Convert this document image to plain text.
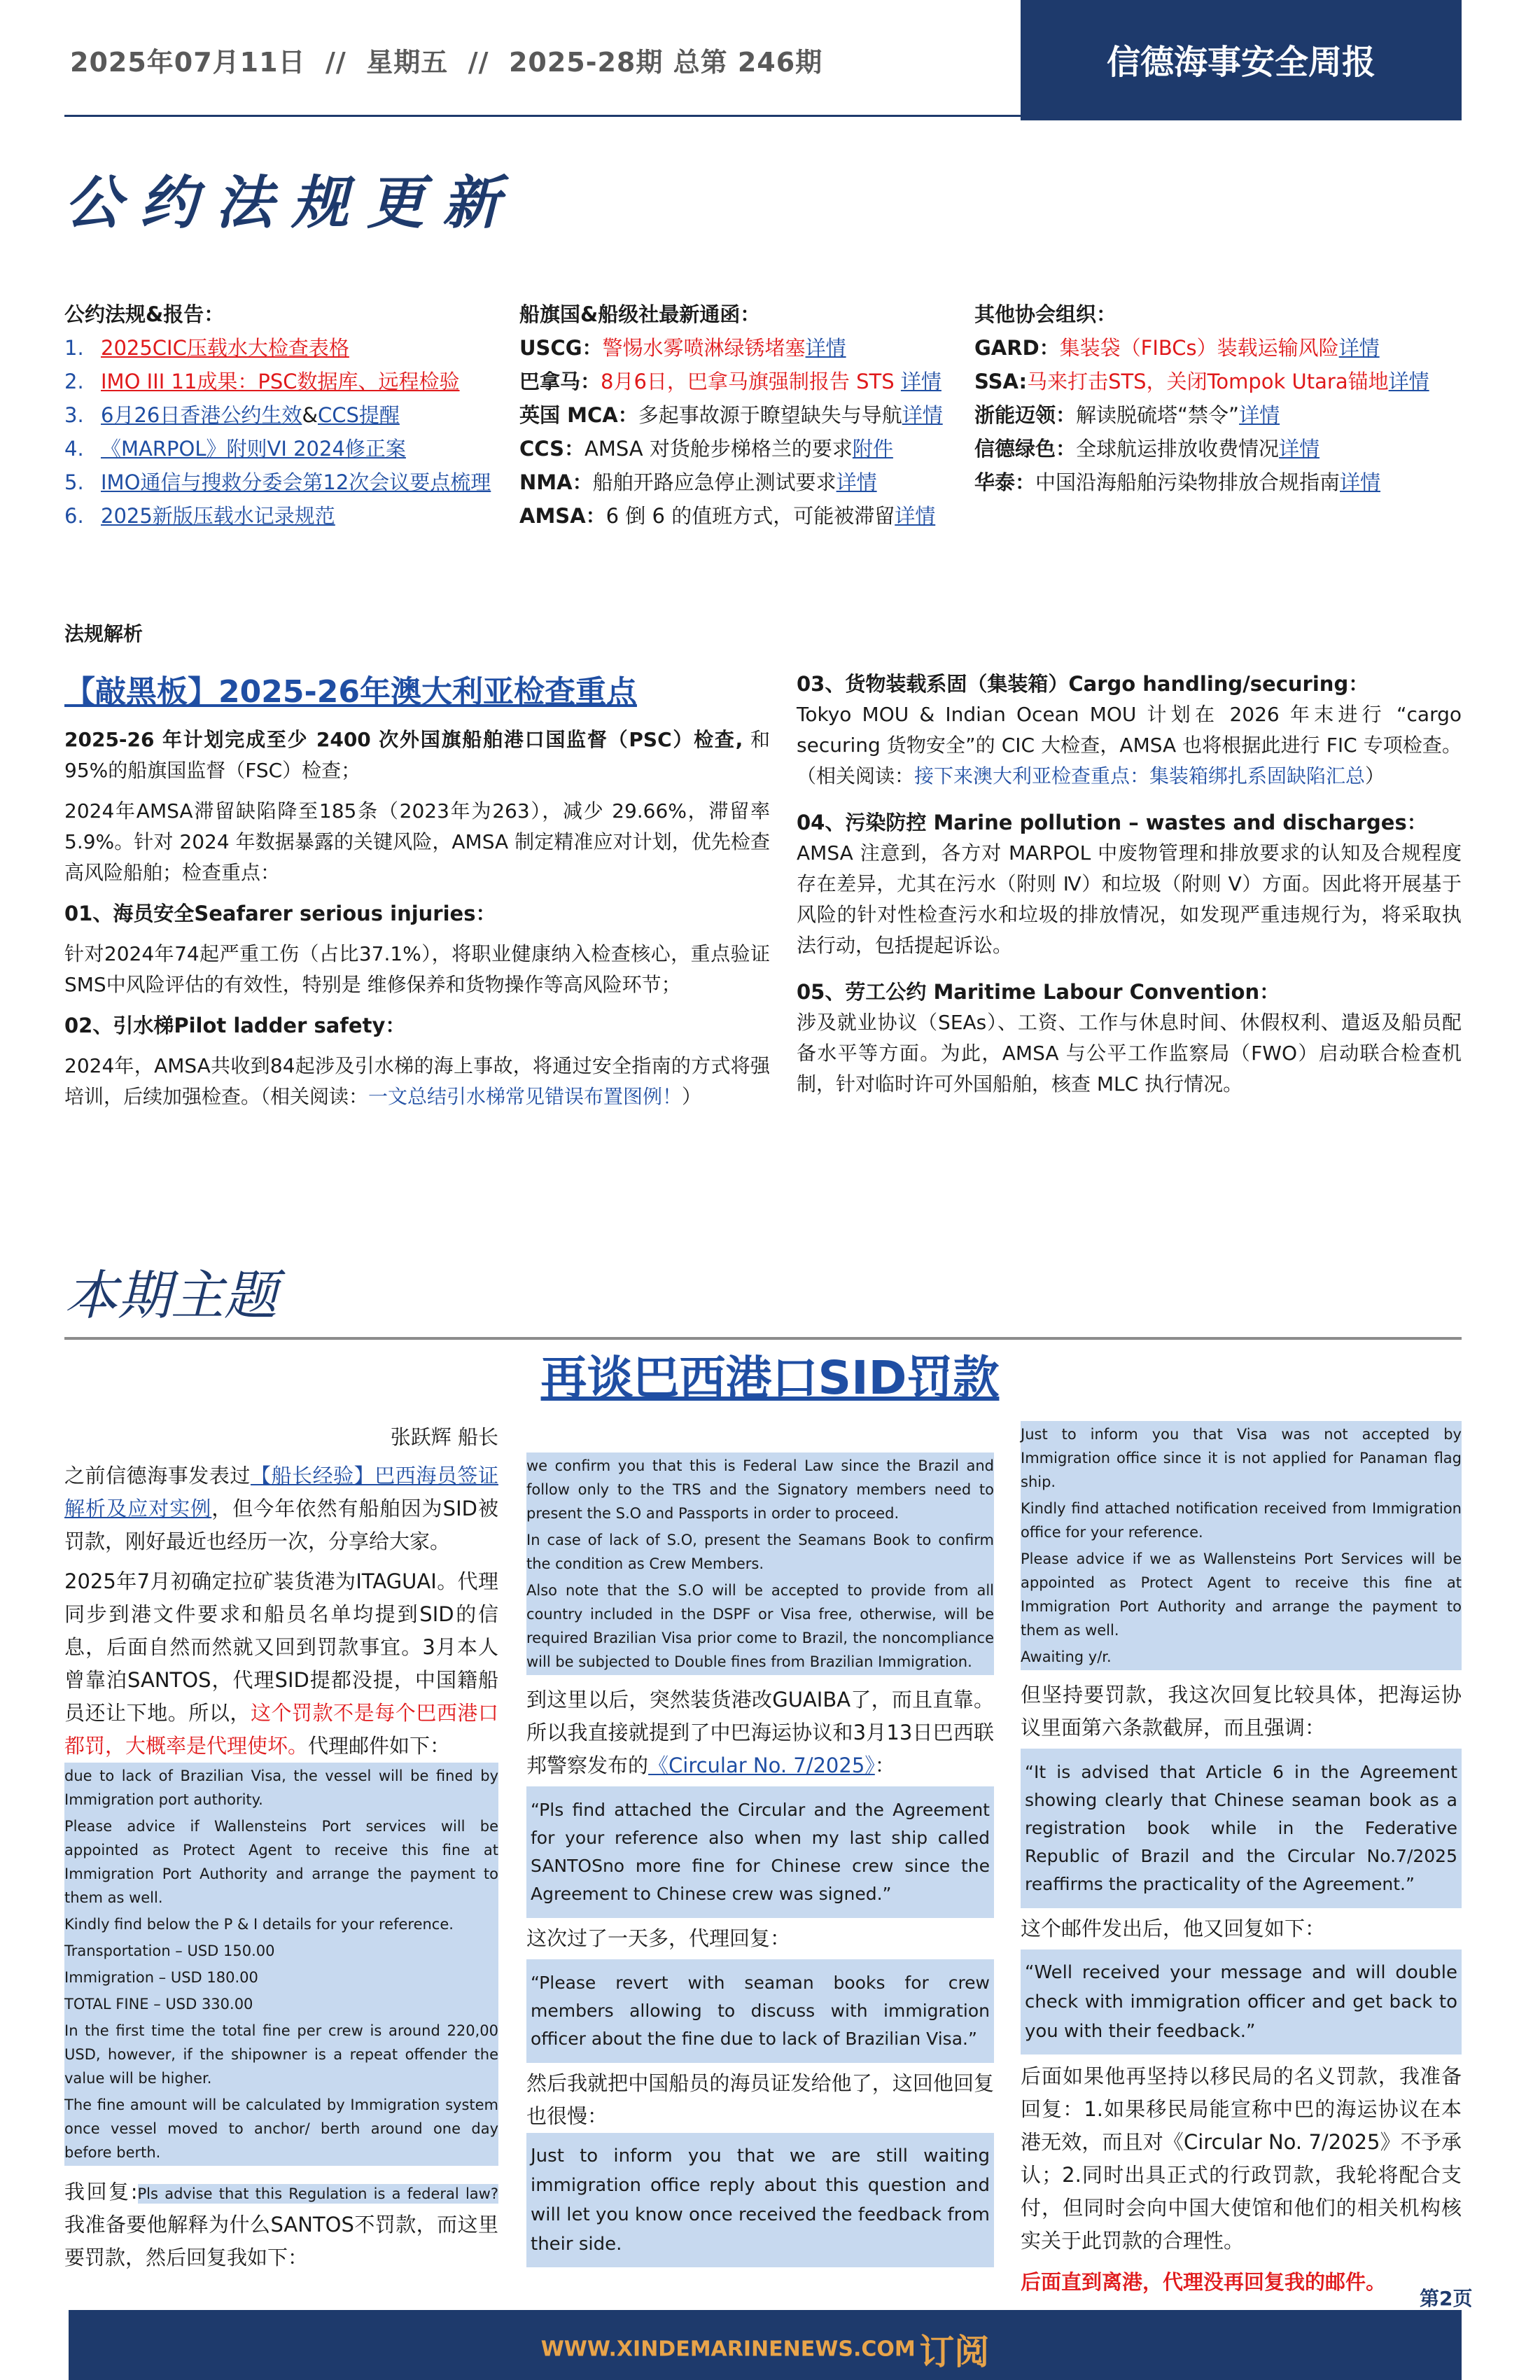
2025年07月11日 // 星期五 // 2025-28期 总第 246期	信德海事安全周报
公约法规更新
公约法规&报告：
1. 2025CIC压载水大检查表格
2. IMO III 11成果：PSC数据库、远程检验
3. 6月26日香港公约生效&CCS提醒
4. 《MARPOL》附则VI 2024修正案
5. IMO通信与搜救分委会第12次会议要点梳理
6. 2025新版压载水记录规范
船旗国&船级社最新通函：
USCG：警惕水雾喷淋绿锈堵塞详情
巴拿马：8月6日，巴拿马旗强制报告 STS 详情
英国 MCA：多起事故源于瞭望缺失与导航详情
CCS：AMSA 对货舱步梯格兰的要求附件
NMA：船舶开路应急停止测试要求详情
AMSA：6 倒 6 的值班方式，可能被滞留详情
其他协会组织：
GARD：集装袋（FIBCs）装载运输风险详情
SSA:马来打击STS，关闭Tompok Utara锚地详情
浙能迈领：解读脱硫塔“禁令”详情
信德绿色：全球航运排放收费情况详情
华泰：中国沿海船舶污染物排放合规指南详情
法规解析
【敲黑板】2025-26年澳大利亚检查重点

2025-26 年计划完成至少 2400 次外国旗船舶港口国监督（PSC）检查, 和95%的船旗国监督（FSC）检查；

2024年AMSA滞留缺陷降至185条（2023年为263），减少 29.66%，滞留率5.9%。针对 2024 年数据暴露的关键风险，AMSA 制定精准应对计划，优先检查高风险船舶；检查重点：

01、海员安全Seafarer serious injuries：

针对2024年74起严重工伤（占比37.1%），将职业健康纳入检查核心，重点验证SMS中风险评估的有效性，特别是 维修保养和货物操作等高风险环节；

02、引水梯Pilot ladder safety：

2024年，AMSA共收到84起涉及引水梯的海上事故，将通过安全指南的方式将强培训，后续加强检查。（相关阅读：一文总结引水梯常见错误布置图例！）

03、货物装载系固（集装箱）Cargo handling/securing：

Tokyo MOU & Indian Ocean MOU 计划在 2026 年末进行 “cargo securing 货物安全”的 CIC 大检查，AMSA 也将根据此进行 FIC 专项检查。（相关阅读：接下来澳大利亚检查重点：集装箱绑扎系固缺陷汇总）

04、污染防控 Marine pollution – wastes and discharges：

AMSA 注意到，各方对 MARPOL 中废物管理和排放要求的认知及合规程度存在差异，尤其在污水（附则 Ⅳ）和垃圾（附则 Ⅴ）方面。因此将开展基于风险的针对性检查污水和垃圾的排放情况，如发现严重违规行为，将采取执法行动，包括提起诉讼。

05、劳工公约 Maritime Labour Convention：

涉及就业协议（SEAs）、工资、工作与休息时间、休假权利、遣返及船员配备水平等方面。为此，AMSA 与公平工作监察局（FWO）启动联合检查机制，针对临时许可外国船舶，核查 MLC 执行情况。

本期主题
再谈巴西港口SID罚款
张跃辉 船长

之前信德海事发表过【船长经验】巴西海员签证解析及应对实例，但今年依然有船舶因为SID被罚款，刚好最近也经历一次，分享给大家。

2025年7月初确定拉矿装货港为ITAGUAI。代理同步到港文件要求和船员名单均提到SID的信息，后面自然而然就又回到罚款事宜。3月本人曾靠泊SANTOS，代理SID提都没提，中国籍船员还让下地。所以，这个罚款不是每个巴西港口都罚，大概率是代理使坏。代理邮件如下：

due to lack of Brazilian Visa, the vessel will be fined by Immigration port authority.

Please advice if Wallensteins Port services will be appointed as Protect Agent to receive this fine at Immigration Port Authority and arrange the payment to them as well.

Kindly find below the P & I details for your reference.

Transportation – USD 150.00

Immigration – USD 180.00

TOTAL FINE – USD 330.00

In the first time the total fine per crew is around 220,00 USD, however, if the shipowner is a repeat offender the value will be higher.

The fine amount will be calculated by Immigration system once vessel moved to anchor/ berth around one day before berth.

我回复:Pls advise that this Regulation is a federal law?我准备要他解释为什么SANTOS不罚款，而这里要罚款，然后回复我如下：

we confirm you that this is Federal Law since the Brazil and follow only to the TRS and the Signatory members need to present the S.O and Passports in order to proceed.

In case of lack of S.O, present the Seamans Book to confirm the condition as Crew Members.

Also note that the S.O will be accepted to provide from all country included in the DSPF or Visa free, otherwise, will be required Brazilian Visa prior come to Brazil, the noncompliance will be subjected to Double fines from Brazilian Immigration.

到这里以后，突然装货港改GUAIBA了，而且直靠。所以我直接就提到了中巴海运协议和3月13日巴西联邦警察发布的《Circular No. 7/2025》：

“Pls find attached the Circular and the Agreement for your reference also when my last ship called SANTOSno more fine for Chinese crew since the Agreement to Chinese crew was signed.”

这次过了一天多，代理回复：

“Please revert with seaman books for crew members allowing to discuss with immigration officer about the fine due to lack of Brazilian Visa.”

然后我就把中国船员的海员证发给他了，这回他回复也很慢：

Just to inform you that we are still waiting immigration office reply about this question and will let you know once received the feedback from their side.

Just to inform you that Visa was not accepted by Immigration office since it is not applied for Panaman flag ship.

Kindly find attached notification received from Immigration office for your reference.

Please advice if we as Wallensteins Port Services will be appointed as Protect Agent to receive this fine at Immigration Port Authority and arrange the payment to them as well.

Awaiting y/r.

但坚持要罚款，我这次回复比较具体，把海运协议里面第六条款截屏，而且强调：

“It is advised that Article 6 in the Agreement showing clearly that Chinese seaman book as a registration book while in the Federative Republic of Brazil and the Circular No.7/2025 reaffirms the practicality of the Agreement.”

这个邮件发出后，他又回复如下：

“Well received your message and will double check with immigration officer and get back to you with their feedback.”

后面如果他再坚持以移民局的名义罚款，我准备回复：1.如果移民局能宣称中巴的海运协议在本港无效，而且对《Circular No. 7/2025》不予承认；2.同时出具正式的行政罚款，我轮将配合支付，但同时会向中国大使馆和他们的相关机构核实关于此罚款的合理性。

后面直到离港，代理没再回复我的邮件。

第2页
WWW.XINDEMARINENEWS.COM 订阅
